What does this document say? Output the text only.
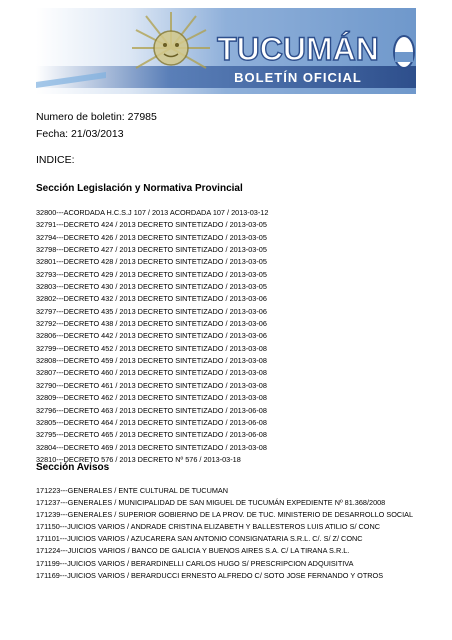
TUCUMÁN
BOLETÍN OFICIAL
Numero de boletin: 27985
Fecha: 21/03/2013
INDICE:
Sección Legislación y Normativa Provincial
32800---ACORDADA H.C.S.J 107 / 2013 ACORDADA 107 / 2013-03-12
32791---DECRETO 424 / 2013 DECRETO SINTETIZADO / 2013-03-05
32794---DECRETO 426 / 2013 DECRETO SINTETIZADO / 2013-03-05
32798---DECRETO 427 / 2013 DECRETO SINTETIZADO / 2013-03-05
32801---DECRETO 428 / 2013 DECRETO SINTETIZADO / 2013-03-05
32793---DECRETO 429 / 2013 DECRETO SINTETIZADO / 2013-03-05
32803---DECRETO 430 / 2013 DECRETO SINTETIZADO / 2013-03-05
32802---DECRETO 432 / 2013 DECRETO SINTETIZADO / 2013-03-06
32797---DECRETO 435 / 2013 DECRETO SINTETIZADO / 2013-03-06
32792---DECRETO 438 / 2013 DECRETO SINTETIZADO / 2013-03-06
32806---DECRETO 442 / 2013 DECRETO SINTETIZADO / 2013-03-06
32799---DECRETO 452 / 2013 DECRETO SINTETIZADO / 2013-03-08
32808---DECRETO 459 / 2013 DECRETO SINTETIZADO / 2013-03-08
32807---DECRETO 460 / 2013 DECRETO SINTETIZADO / 2013-03-08
32790---DECRETO 461 / 2013 DECRETO SINTETIZADO / 2013-03-08
32809---DECRETO 462 / 2013 DECRETO SINTETIZADO / 2013-03-08
32796---DECRETO 463 / 2013 DECRETO SINTETIZADO / 2013-06-08
32805---DECRETO 464 / 2013 DECRETO SINTETIZADO / 2013-06-08
32795---DECRETO 465 / 2013 DECRETO SINTETIZADO / 2013-06-08
32804---DECRETO 469 / 2013 DECRETO SINTETIZADO / 2013-03-08
32810---DECRETO 576 / 2013 DECRETO Nº 576 / 2013-03-18
Sección Avisos
171223---GENERALES / ENTE CULTURAL DE TUCUMAN
171237---GENERALES / MUNICIPALIDAD DE SAN MIGUEL DE TUCUMÁN EXPEDIENTE Nº 81.368/2008
171239---GENERALES / SUPERIOR GOBIERNO DE LA PROV. DE TUC. MINISTERIO DE DESARROLLO SOCIAL
171150---JUICIOS VARIOS / ANDRADE CRISTINA ELIZABETH Y BALLESTEROS LUIS ATILIO S/ CONC
171101---JUICIOS VARIOS / AZUCARERA SAN ANTONIO CONSIGNATARIA S.R.L. C/. S/ Z/ CONC
171224---JUICIOS VARIOS / BANCO DE GALICIA Y BUENOS AIRES S.A. C/ LA TIRANA S.R.L.
171199---JUICIOS VARIOS / BERARDINELLI CARLOS HUGO S/ PRESCRIPCION ADQUISITIVA
171169---JUICIOS VARIOS / BERARDUCCI ERNESTO ALFREDO C/ SOTO JOSE FERNANDO Y OTROS
